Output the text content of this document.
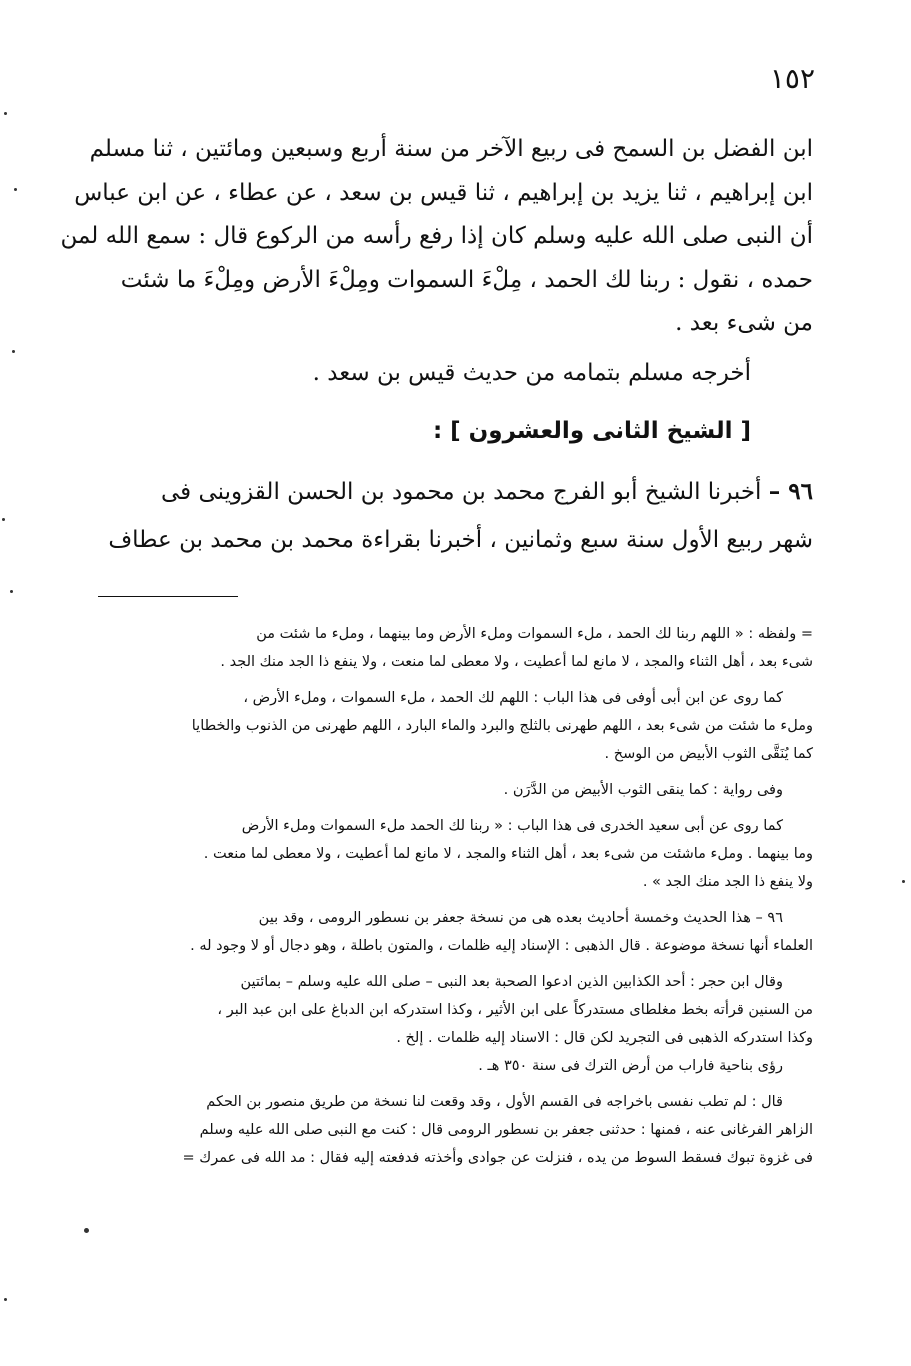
١٥٢
ابن الفضل بن السمح فى ربيع الآخر من سنة أربع وسبعين ومائتين ، ثنا مسلم
ابن إبراهيم ، ثنا يزيد بن إبراهيم ، ثنا قيس بن سعد ، عن عطاء ، عن ابن عباس
أن النبى صلى الله عليه وسلم كان إذا رفع رأسه من الركوع قال : سمع الله لمن
حمده ، نقول : ربنا لك الحمد ، مِلْءَ السموات ومِلْءَ الأرض ومِلْءَ ما شئت
من شىء بعد .
أخرجه مسلم بتمامه من حديث قيس بن سعد .
[ الشيخ الثانى والعشرون ] :
٩٦ – أخبرنا الشيخ أبو الفرج محمد بن محمود بن الحسن القزوينى فى
شهر ربيع الأول سنة سبع وثمانين ، أخبرنا بقراءة محمد بن محمد بن عطاف
= ولفظه : « اللهم ربنا لك الحمد ، ملء السموات وملء الأرض وما بينهما ، وملء ما شئت من
شىء بعد ، أهل الثناء والمجد ، لا مانع لما أعطيت ، ولا معطى لما منعت ، ولا ينفع ذا الجد منك الجد .
كما روى عن ابن أبى أوفى فى هذا الباب : اللهم لك الحمد ، ملء السموات ، وملء الأرض ،
وملء ما شئت من شىء بعد ، اللهم طهرنى بالثلج والبرد والماء البارد ، اللهم طهرنى من الذنوب والخطايا
كما يُنَقَّى الثوب الأبيض من الوسخ .
وفى رواية : كما ينقى الثوب الأبيض من الدَّرَن .
كما روى عن أبى سعيد الخدرى فى هذا الباب : « ربنا لك الحمد ملء السموات وملء الأرض
وما بينهما . وملء ماشئت من شىء بعد ، أهل الثناء والمجد ، لا مانع لما أعطيت ، ولا معطى لما منعت .
ولا ينفع ذا الجد منك الجد » .
٩٦ – هذا الحديث وخمسة أحاديث بعده هى من نسخة جعفر بن نسطور الرومى ، وقد بين
العلماء أنها نسخة موضوعة . قال الذهبى : الإسناد إليه ظلمات ، والمتون باطلة ، وهو دجال أو لا وجود له .
وقال ابن حجر : أحد الكذابين الذين ادعوا الصحبة بعد النبى – صلى الله عليه وسلم – بمائتين
من السنين قرأته بخط مغلطاى مستدركاً على ابن الأثير ، وكذا استدركه ابن الدباغ على ابن عبد البر ،
وكذا استدركه الذهبى فى التجريد لكن قال : الاسناد إليه ظلمات . إلخ .
رؤى بناحية فاراب من أرض الترك فى سنة ٣٥٠ هـ .
قال : لم تطب نفسى باخراجه فى القسم الأول ، وقد وقعت لنا نسخة من طريق منصور بن الحكم
الزاهر الفرغانى عنه ، فمنها : حدثنى جعفر بن نسطور الرومى قال : كنت مع النبى صلى الله عليه وسلم
فى غزوة تبوك فسقط السوط من يده ، فنزلت عن جوادى وأخذته فدفعته إليه فقال : مد الله فى عمرك =
